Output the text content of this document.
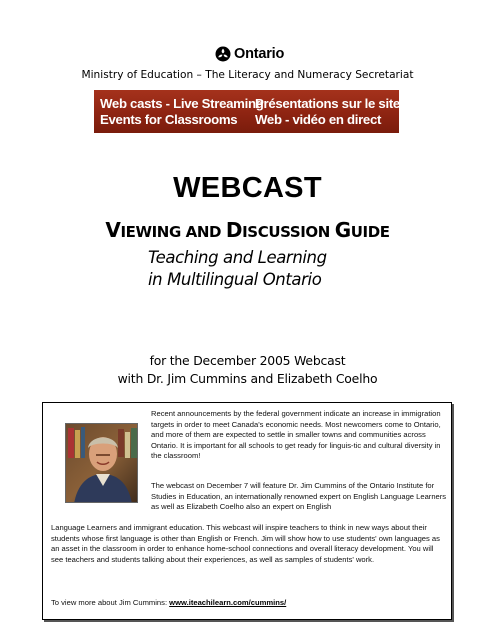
Ontario
Ministry of Education – The Literacy and Numeracy Secretariat
Web casts - Live Streaming
Events for Classrooms
Présentations sur le site
Web - vidéo en direct
WEBCAST
VIEWING AND DISCUSSION GUIDE
Teaching and Learning
in Multilingual Ontario
for the December 2005 Webcast
with Dr. Jim Cummins and Elizabeth Coelho
Recent announcements by the federal government indicate an increase in immigration targets in order to meet Canada's economic needs. Most newcomers come to Ontario, and more of them are expected to settle in smaller towns and communities across Ontario. It is important for all schools to get ready for linguis-tic and cultural diversity in the classroom!
The webcast on December 7 will feature Dr. Jim Cummins of the Ontario Institute for Studies in Education, an internationally renowned expert on English Language Learners as well as Elizabeth Coelho also an expert on English
Language Learners and immigrant education. This webcast will inspire teachers to think in new ways about their students whose first language is other than English or French. Jim will show how to use students' own languages as an asset in the classroom in order to enhance home-school connections and overall literacy development. You will see teachers and students talking about their experiences, as well as samples of students' work.
To view more about Jim Cummins: www.iteachilearn.com/cummins/
